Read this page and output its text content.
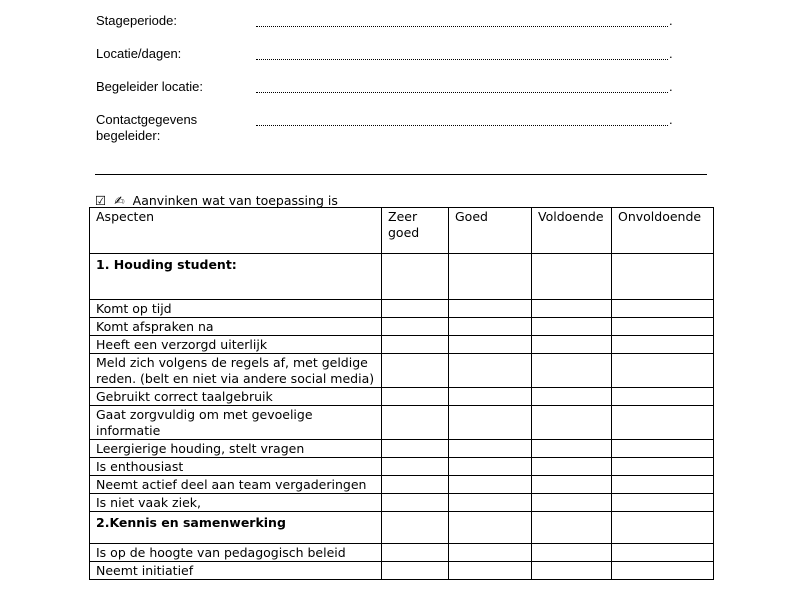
Stageperiode:	.
Locatie/dagen:	.
Begeleider locatie:	.
Contactgegevens begeleider:
.
☑ ✍ Aanvinken wat van toepassing is
Aspecten	Zeer goed	Goed	Voldoende	Onvoldoende
1. Houding student:				
Komt op tijd				
Komt afspraken na				
Heeft een verzorgd uiterlijk				
Meld zich volgens de regels af, met geldige reden. (belt en niet via andere social media)				
Gebruikt correct taalgebruik				
Gaat zorgvuldig om met gevoelige informatie				
Leergierige houding, stelt vragen				
Is enthousiast				
Neemt actief deel aan team vergaderingen				
Is niet vaak ziek,				
2.Kennis en samenwerking				
Is op de hoogte van pedagogisch beleid				
Neemt initiatief				
